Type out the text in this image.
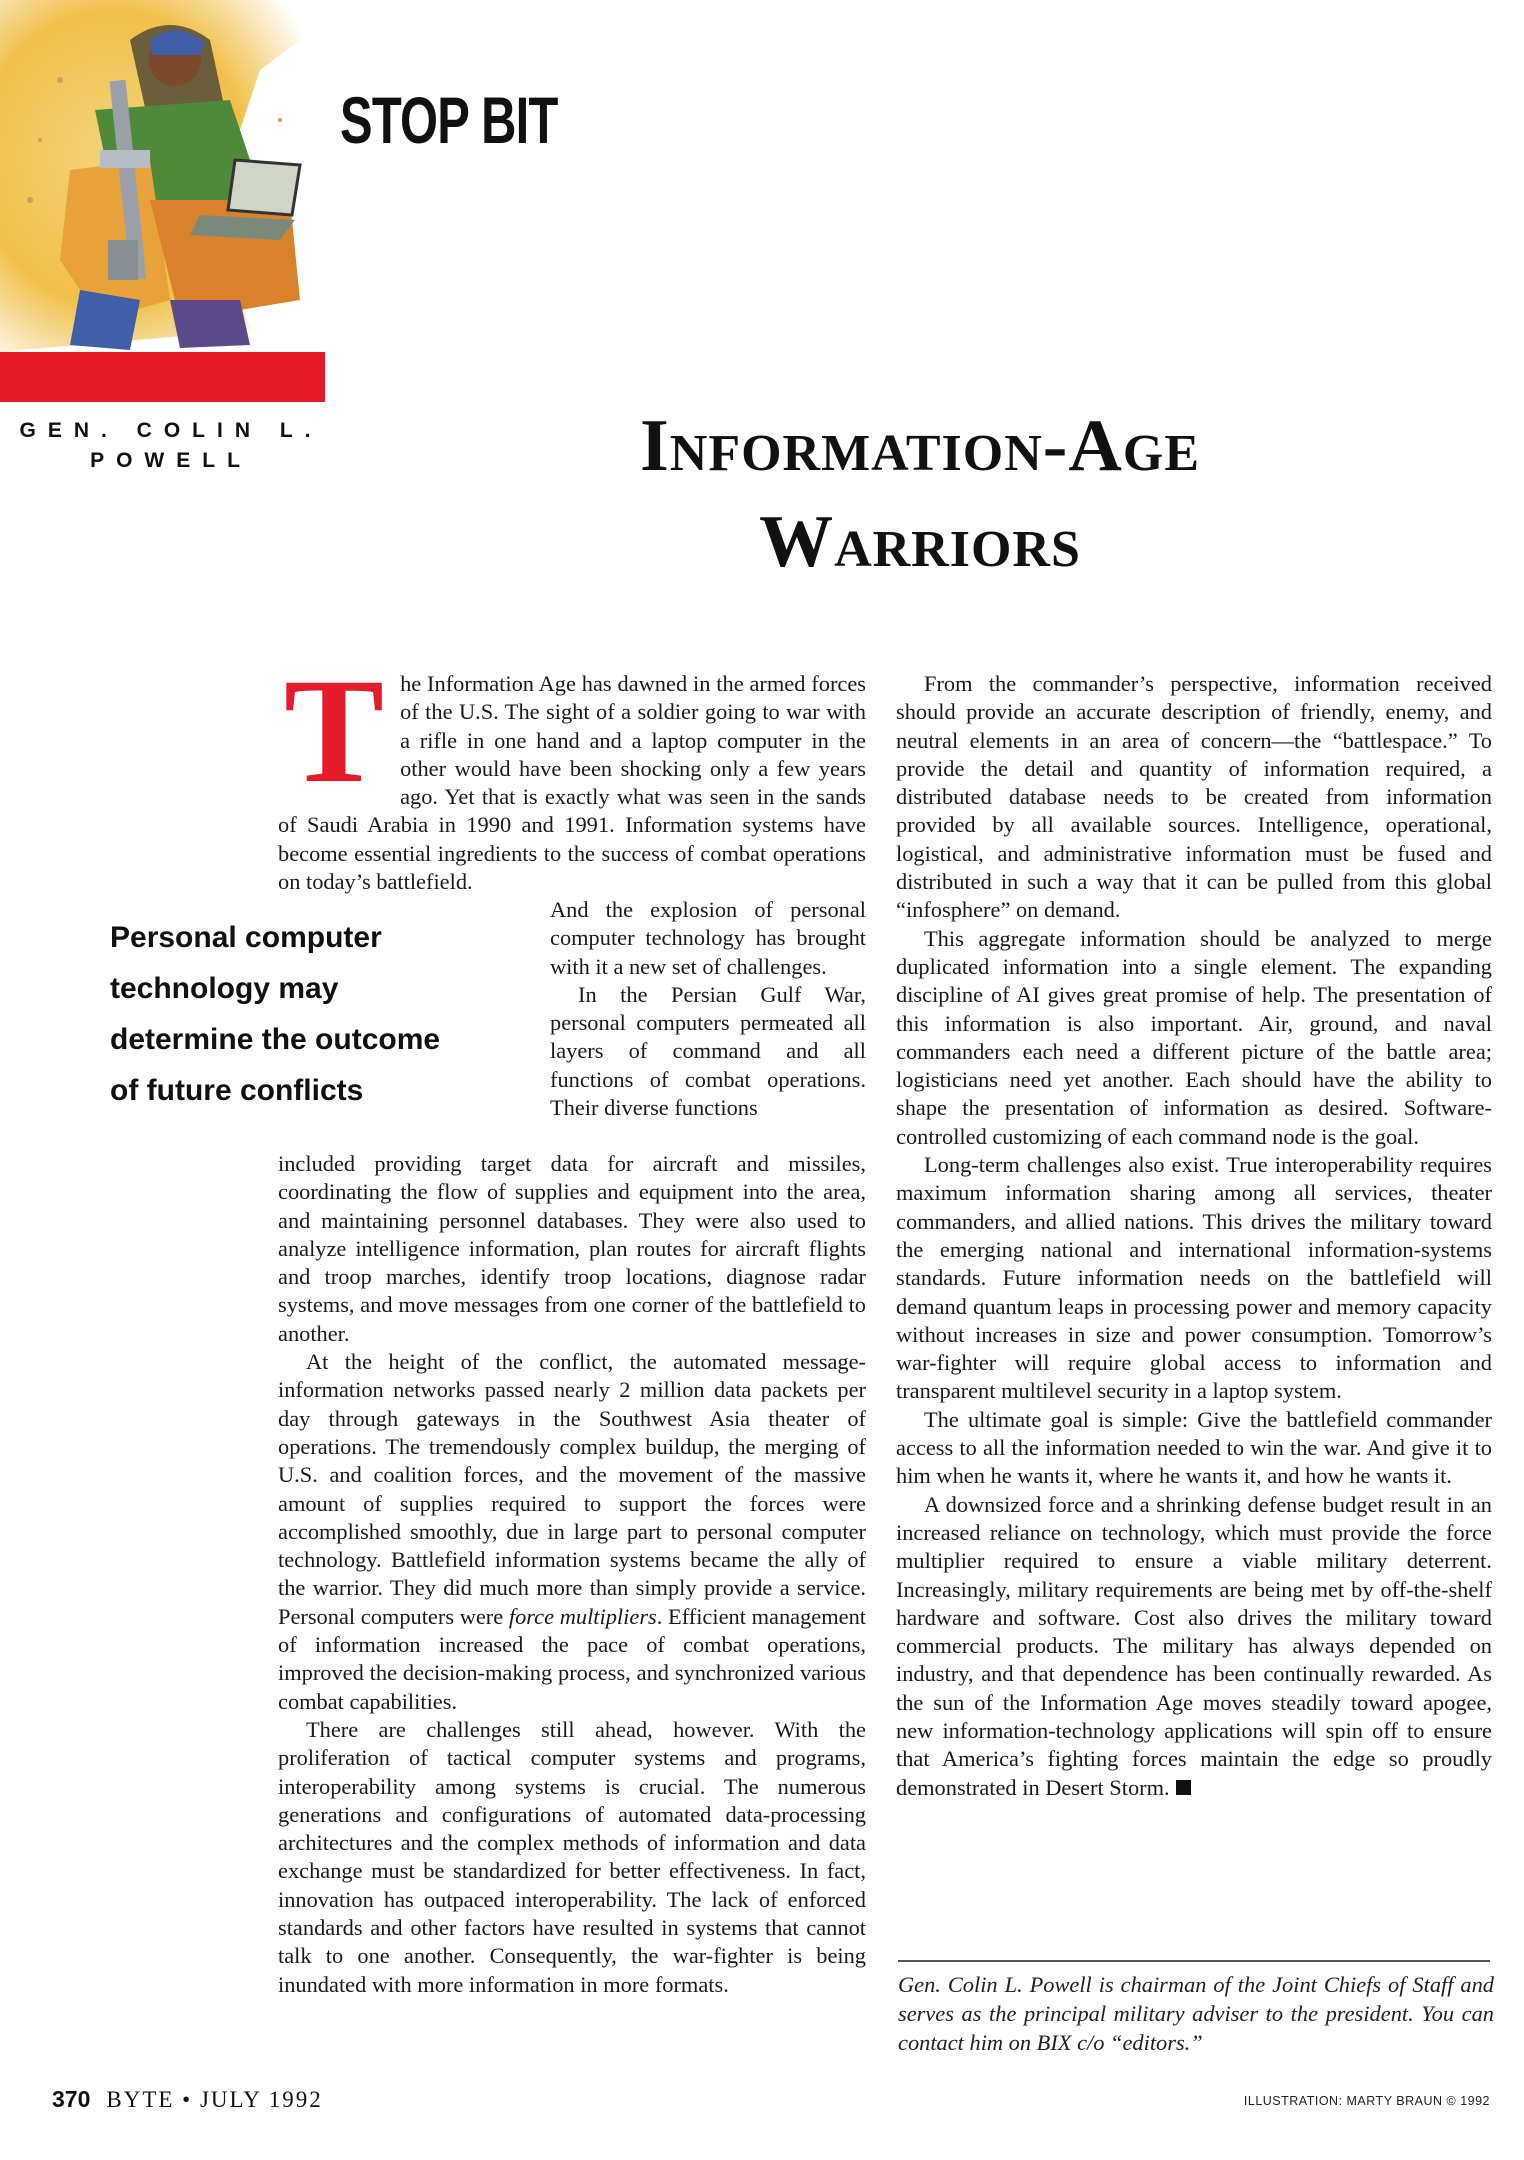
STOP BIT
GEN. COLIN L. POWELL	Information-Age
Warriors
Personal computer
technology may
determine the outcome
of future conflicts

The Information Age has dawned in the armed forces of the U.S. The sight of a soldier going to war with a rifle in one hand and a laptop computer in the other would have been shocking only a few years ago. Yet that is exactly what was seen in the sands of Saudi Arabia in 1990 and 1991. Information systems have become essential ingredients to the success of combat operations on today’s battlefield.

And the explosion of personal computer technology has brought with it a new set of challenges.

In the Persian Gulf War, personal computers permeated all layers of command and all functions of combat operations. Their diverse functions

included providing target data for aircraft and missiles, coordinating the flow of supplies and equipment into the area, and maintaining personnel databases. They were also used to analyze intelligence information, plan routes for aircraft flights and troop marches, identify troop locations, diagnose radar systems, and move messages from one corner of the battlefield to another.

At the height of the conflict, the automated message-information networks passed nearly 2 million data packets per day through gateways in the Southwest Asia theater of operations. The tremendously complex buildup, the merging of U.S. and coalition forces, and the movement of the massive amount of supplies required to support the forces were accomplished smoothly, due in large part to personal computer technology. Battlefield information systems became the ally of the warrior. They did much more than simply provide a service. Personal computers were force multipliers. Efficient management of information increased the pace of combat operations, improved the decision-making process, and synchronized various combat capabilities.

There are challenges still ahead, however. With the proliferation of tactical computer systems and programs, interoperability among systems is crucial. The numerous generations and configurations of automated data-processing architectures and the complex methods of information and data exchange must be standardized for better effectiveness. In fact, innovation has outpaced interoperability. The lack of enforced standards and other factors have resulted in systems that cannot talk to one another. Consequently, the war-fighter is being inundated with more information in more formats.

From the commander’s perspective, information received should provide an accurate description of friendly, enemy, and neutral elements in an area of concern—the “battlespace.” To provide the detail and quantity of information required, a distributed database needs to be created from information provided by all available sources. Intelligence, operational, logistical, and administrative information must be fused and distributed in such a way that it can be pulled from this global “infosphere” on demand.

This aggregate information should be analyzed to merge duplicated information into a single element. The expanding discipline of AI gives great promise of help. The presentation of this information is also important. Air, ground, and naval commanders each need a different picture of the battle area; logisticians need yet another. Each should have the ability to shape the presentation of information as desired. Software-controlled customizing of each command node is the goal.

Long-term challenges also exist. True interoperability requires maximum information sharing among all services, theater commanders, and allied nations. This drives the military toward the emerging national and international information-systems standards. Future information needs on the battlefield will demand quantum leaps in processing power and memory capacity without increases in size and power consumption. Tomorrow’s war-fighter will require global access to information and transparent multilevel security in a laptop system.

The ultimate goal is simple: Give the battlefield commander access to all the information needed to win the war. And give it to him when he wants it, where he wants it, and how he wants it.

A downsized force and a shrinking defense budget result in an increased reliance on technology, which must provide the force multiplier required to ensure a viable military deterrent. Increasingly, military requirements are being met by off-the-shelf hardware and software. Cost also drives the military toward commercial products. The military has always depended on industry, and that dependence has been continually rewarded. As the sun of the Information Age moves steadily toward apogee, new information-technology applications will spin off to ensure that America’s fighting forces maintain the edge so proudly demonstrated in Desert Storm.

Gen. Colin L. Powell is chairman of the Joint Chiefs of Staff and serves as the principal military adviser to the president. You can contact him on BIX c/o “editors.”
370 BYTE • JULY 1992	ILLUSTRATION: MARTY BRAUN © 1992
